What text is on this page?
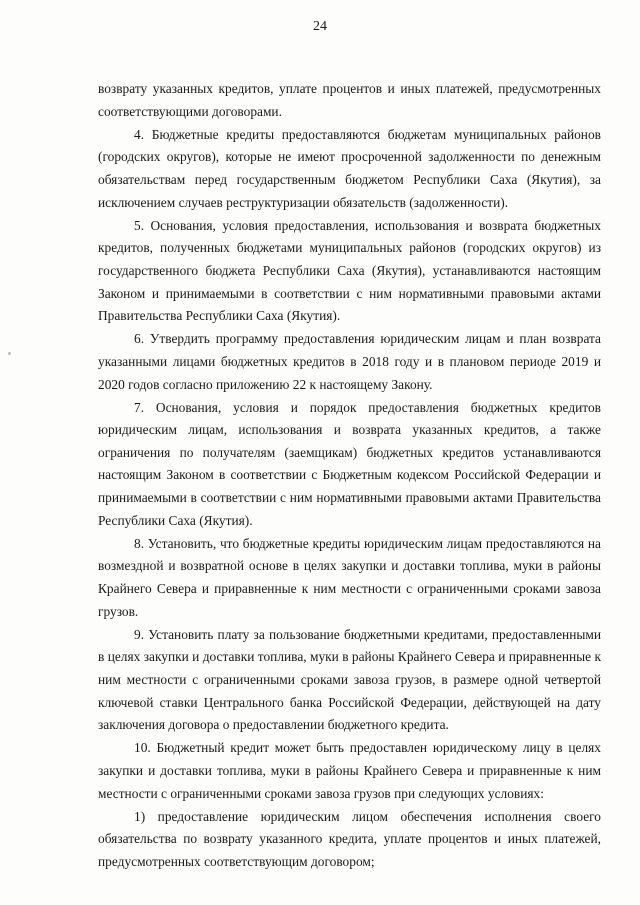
24

возврату указанных кредитов, уплате процентов и иных платежей, предусмотренных соответствующими договорами.

4. Бюджетные кредиты предоставляются бюджетам муниципальных районов (городских округов), которые не имеют просроченной задолженности по денежным обязательствам перед государственным бюджетом Республики Саха (Якутия), за исключением случаев реструктуризации обязательств (задолженности).

5. Основания, условия предоставления, использования и возврата бюджетных кредитов, полученных бюджетами муниципальных районов (городских округов) из государственного бюджета Республики Саха (Якутия), устанавливаются настоящим Законом и принимаемыми в соответствии с ним нормативными правовыми актами Правительства Республики Саха (Якутия).

6. Утвердить программу предоставления юридическим лицам и план возврата указанными лицами бюджетных кредитов в 2018 году и в плановом периоде 2019 и 2020 годов согласно приложению 22 к настоящему Закону.

7. Основания, условия и порядок предоставления бюджетных кредитов юридическим лицам, использования и возврата указанных кредитов, а также ограничения по получателям (заемщикам) бюджетных кредитов устанавливаются настоящим Законом в соответствии с Бюджетным кодексом Российской Федерации и принимаемыми в соответствии с ним нормативными правовыми актами Правительства Республики Саха (Якутия).

8. Установить, что бюджетные кредиты юридическим лицам предоставляются на возмездной и возвратной основе в целях закупки и доставки топлива, муки в районы Крайнего Севера и приравненные к ним местности с ограниченными сроками завоза грузов.

9. Установить плату за пользование бюджетными кредитами, предоставленными в целях закупки и доставки топлива, муки в районы Крайнего Севера и приравненные к ним местности с ограниченными сроками завоза грузов, в размере одной четвертой ключевой ставки Центрального банка Российской Федерации, действующей на дату заключения договора о предоставлении бюджетного кредита.

10. Бюджетный кредит может быть предоставлен юридическому лицу в целях закупки и доставки топлива, муки в районы Крайнего Севера и приравненные к ним местности с ограниченными сроками завоза грузов при следующих условиях:

1) предоставление юридическим лицом обеспечения исполнения своего обязательства по возврату указанного кредита, уплате процентов и иных платежей, предусмотренных соответствующим договором;
